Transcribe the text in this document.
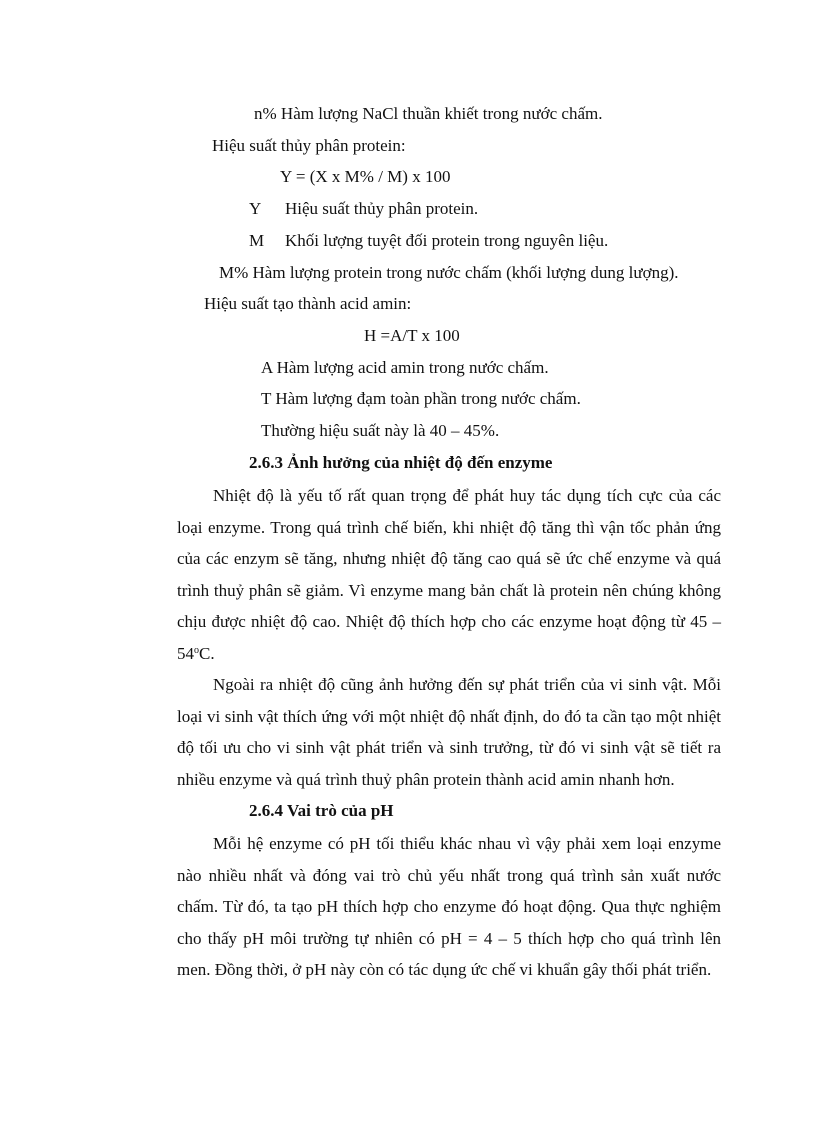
n% Hàm lượng NaCl thuần khiết trong nước chấm.
Hiệu suất thủy phân protein:
Y = (X x M% / M) x 100
Y Hiệu suất thủy phân protein.
M Khối lượng tuyệt đối protein trong nguyên liệu.
M% Hàm lượng protein trong nước chấm (khối lượng dung lượng).
Hiệu suất tạo thành acid amin:
H =A/T x 100
A Hàm lượng acid amin trong nước chấm.
T Hàm lượng đạm toàn phần trong nước chấm.
Thường hiệu suất này là 40 – 45%.
2.6.3 Ảnh hưởng của nhiệt độ đến enzyme
Nhiệt độ là yếu tố rất quan trọng để phát huy tác dụng tích cực của các loại enzyme. Trong quá trình chế biến, khi nhiệt độ tăng thì vận tốc phản ứng của các enzym sẽ tăng, nhưng nhiệt độ tăng cao quá sẽ ức chế enzyme và quá trình thuỷ phân sẽ giảm. Vì enzyme mang bản chất là protein nên chúng không chịu được nhiệt độ cao. Nhiệt độ thích hợp cho các enzyme hoạt động từ 45 – 54$^o$C.
Ngoài ra nhiệt độ cũng ảnh hưởng đến sự phát triển của vi sinh vật. Mỗi loại vi sinh vật thích ứng với một nhiệt độ nhất định, do đó ta cần tạo một nhiệt độ tối ưu cho vi sinh vật phát triển và sinh trưởng, từ đó vi sinh vật sẽ tiết ra nhiều enzyme và quá trình thuỷ phân protein thành acid amin nhanh hơn.
2.6.4 Vai trò của pH
Mỗi hệ enzyme có pH tối thiểu khác nhau vì vậy phải xem loại enzyme nào nhiều nhất và đóng vai trò chủ yếu nhất trong quá trình sản xuất nước chấm. Từ đó, ta tạo pH thích hợp cho enzyme đó hoạt động. Qua thực nghiệm cho thấy pH môi trường tự nhiên có pH = 4 – 5 thích hợp cho quá trình lên men. Đồng thời, ở pH này còn có tác dụng ức chế vi khuẩn gây thối phát triển.
